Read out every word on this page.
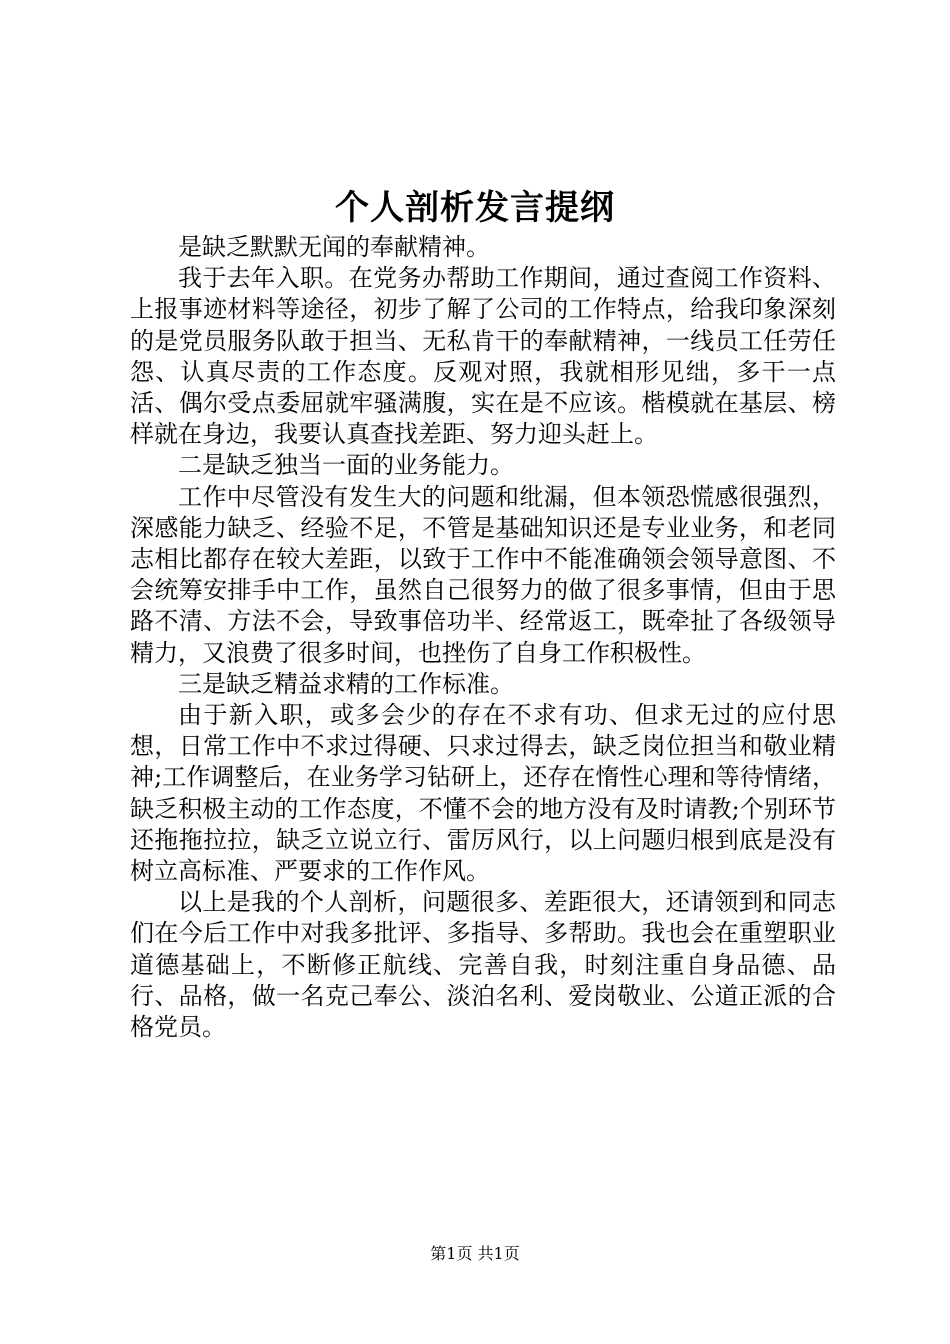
个人剖析发言提纲

是缺乏默默无闻的奉献精神。

我于去年入职。在党务办帮助工作期间，通过查阅工作资料、上报事迹材料等途径，初步了解了公司的工作特点，给我印象深刻的是党员服务队敢于担当、无私肯干的奉献精神，一线员工任劳任怨、认真尽责的工作态度。反观对照，我就相形见绌，多干一点活、偶尔受点委屈就牢骚满腹，实在是不应该。楷模就在基层、榜样就在身边，我要认真查找差距、努力迎头赶上。

二是缺乏独当一面的业务能力。

工作中尽管没有发生大的问题和纰漏，但本领恐慌感很强烈，深感能力缺乏、经验不足，不管是基础知识还是专业业务，和老同志相比都存在较大差距，以致于工作中不能准确领会领导意图、不会统筹安排手中工作，虽然自己很努力的做了很多事情，但由于思路不清、方法不会，导致事倍功半、经常返工，既牵扯了各级领导精力，又浪费了很多时间，也挫伤了自身工作积极性。

三是缺乏精益求精的工作标准。

由于新入职，或多会少的存在不求有功、但求无过的应付思想，日常工作中不求过得硬、只求过得去，缺乏岗位担当和敬业精神;工作调整后，在业务学习钻研上，还存在惰性心理和等待情绪，缺乏积极主动的工作态度，不懂不会的地方没有及时请教;个别环节还拖拖拉拉，缺乏立说立行、雷厉风行，以上问题归根到底是没有树立高标准、严要求的工作作风。

以上是我的个人剖析，问题很多、差距很大，还请领到和同志们在今后工作中对我多批评、多指导、多帮助。我也会在重塑职业道德基础上，不断修正航线、完善自我，时刻注重自身品德、品行、品格，做一名克己奉公、淡泊名利、爱岗敬业、公道正派的合格党员。

第1页 共1页
